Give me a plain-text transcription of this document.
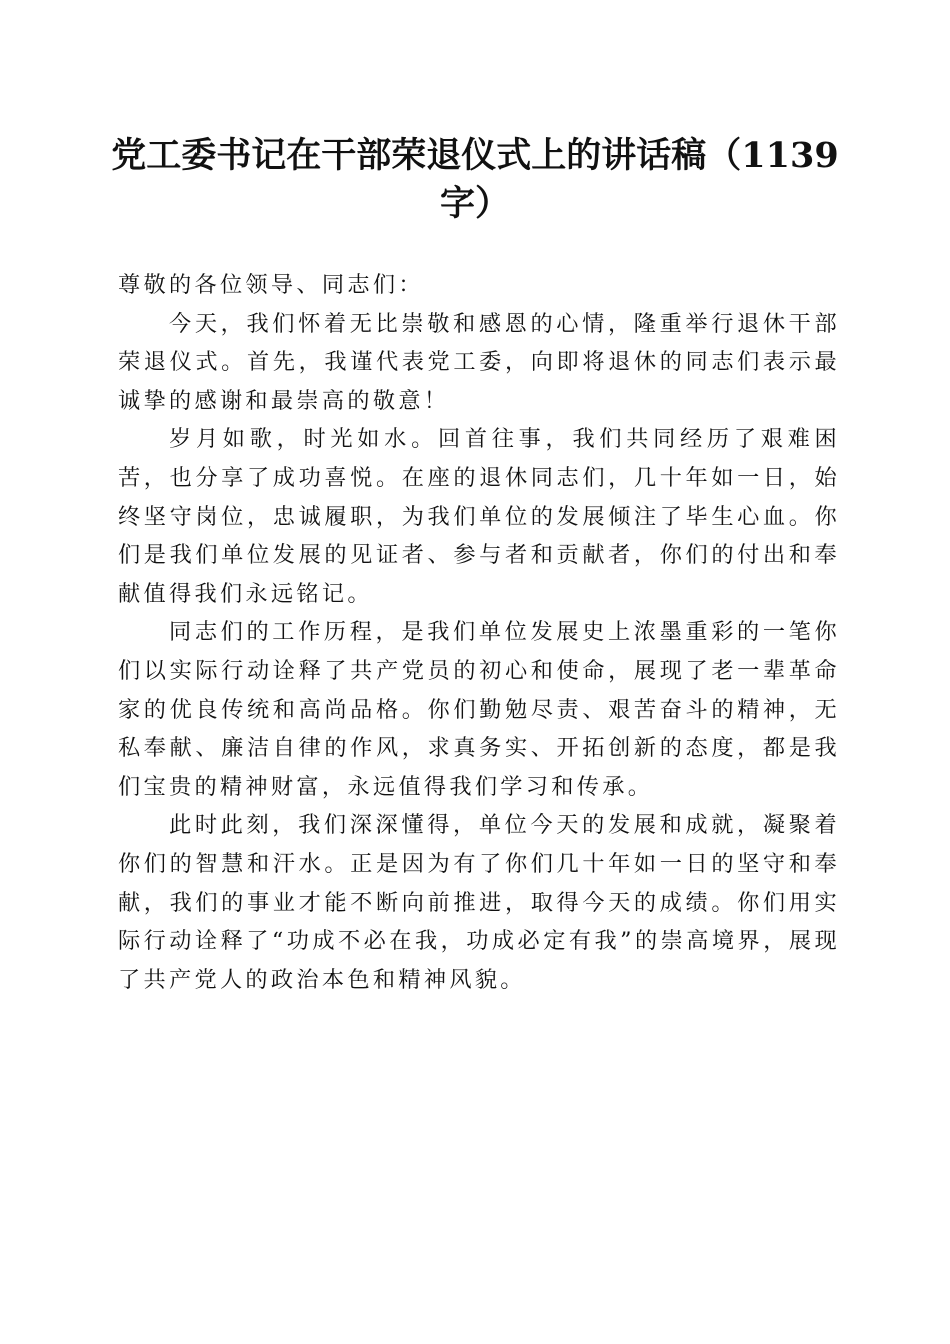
党工委书记在干部荣退仪式上的讲话稿（1139字）

尊敬的各位领导、同志们：

今天，我们怀着无比崇敬和感恩的心情，隆重举行退休干部荣退仪式。首先，我谨代表党工委，向即将退休的同志们表示最诚挚的感谢和最崇高的敬意！

岁月如歌，时光如水。回首往事，我们共同经历了艰难困苦，也分享了成功喜悦。在座的退休同志们，几十年如一日，始终坚守岗位，忠诚履职，为我们单位的发展倾注了毕生心血。你们是我们单位发展的见证者、参与者和贡献者，你们的付出和奉献值得我们永远铭记。

同志们的工作历程，是我们单位发展史上浓墨重彩的一笔你们以实际行动诠释了共产党员的初心和使命，展现了老一辈革命家的优良传统和高尚品格。你们勤勉尽责、艰苦奋斗的精神，无私奉献、廉洁自律的作风，求真务实、开拓创新的态度，都是我们宝贵的精神财富，永远值得我们学习和传承。

此时此刻，我们深深懂得，单位今天的发展和成就，凝聚着你们的智慧和汗水。正是因为有了你们几十年如一日的坚守和奉献，我们的事业才能不断向前推进，取得今天的成绩。你们用实际行动诠释了“功成不必在我，功成必定有我”的崇高境界，展现了共产党人的政治本色和精神风貌。
